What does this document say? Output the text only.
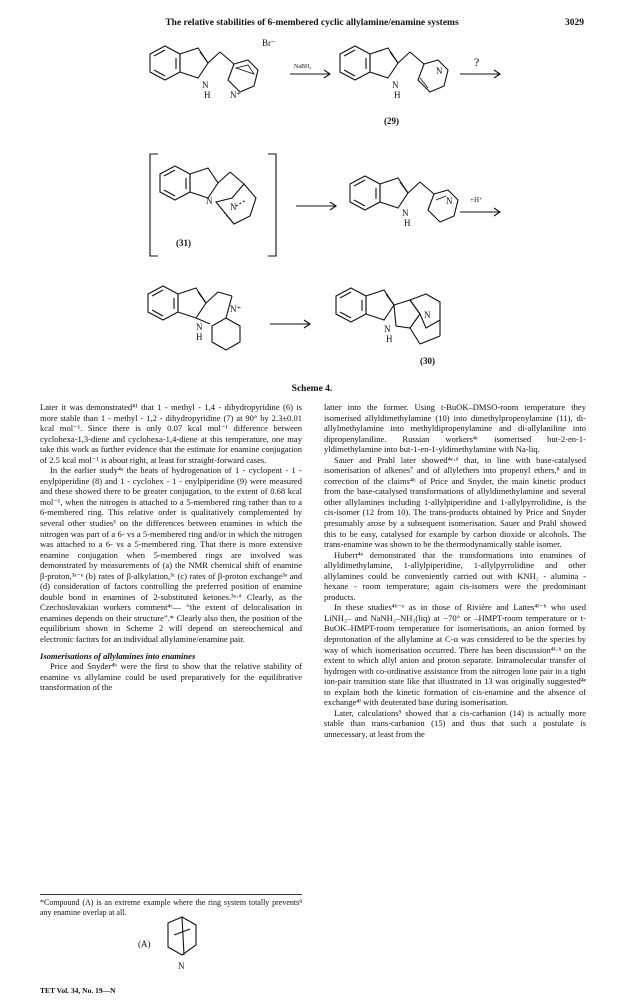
The relative stabilities of 6-membered cyclic allylamine/enamine systems	3029
Br⁻
NaBH₄	?
N
H N⁺
N
H
N
(29)
N
N
(31)
N
H
N	+H⁺
N
H
N⁺
N
H
N
(30)
Scheme 4.

Later it was demonstrated⁴¹ that 1 - methyl - 1,4 - dihydropyridine (6) is more stable than 1 - methyl - 1,2 - dihydropyridine (7) at 90° by 2.3±0.01 kcal mol⁻¹. Since there is only 0.07 kcal mol⁻¹ difference between cyclohexa-1,3-diene and cyclohexa-1,4-diene at this temperature, one may take this work as further evidence that the estimate for enamine conjugation of 2.5 kcal mol⁻¹ is about right, at least for straight-forward cases.

In the earlier study⁴ᵃ the heats of hydrogenation of 1 - cyclopent - 1 - enylpiperidine (8) and 1 - cyclohex - 1 - enylpiperidine (9) were measured and these showed there to be greater conjugation, to the extent of 0.68 kcal mol⁻¹, when the nitrogen is attached to a 5-membered ring rather than to a 6-membered ring. This relative order is qualitatively complemented by several other studies³ on the differences between enamines in which the nitrogen was part of a 6- vs a 5-membered ring and/or in which the nitrogen was attached to a 6- vs a 5-membered ring. That there is more extensive enamine conjugation when 5-membered rings are involved was demonstrated by measurements of (a) the NMR chemical shift of enamine β-proton,³ᵃ⁻ᵉ (b) rates of β-alkylation,³ᶜ (c) rates of β-proton exchange³ᵃ and (d) consideration of factors controlling the preferred position of enamine double bond in enamines of 2-substituted ketones.³ᵃ·ᵈ Clearly, as the Czechoslovakian workers comment⁴ᶜ— “the extent of delocalisation in enamines depends on their structure”.* Clearly also then, the position of the equilibrium shown in Scheme 2 will depend on stereochemical and electronic factors for an individual allylamine/enamine pair.

Isomerisations of allylamines into enamines

Price and Snyder⁴ᵇ were the first to show that the relative stability of enamine vs allylamine could be used preparatively for the equilibrative transformation of the

*Compound (A) is an extreme example where the ring system totally prevents⁸ any enamine overlap at all.
(A)
N
TET Vol. 34, No. 19—N

latter into the former. Using t-BuOK–DMSO-room temperature they isomerised allyldimethylamine (10) into dimethylpropenylamine (11), di-allylmethylamine into methyldipropenylamine and di-allylaniline into dipropenylaniline. Russian workers⁴ᶜ isomerised but-2-en-1-yldimethylamine into but-1-en-1-yldimethylamine with Na-liq.

Sauer and Prahl later showed⁴ᵉ·ᵈ that, in line with base-catalysed isomerisation of alkenes⁷ and of allylethers into propenyl ethers,⁸ and in correction of the claims⁴ᵇ of Price and Snyder, the main kinetic product from the base-catalysed transformations of allyldimethylamine and several other allylamines including 1-allylpiperidine and 1-allylpyrrolidine, is the cis-isomer (12 from 10). The trans-products obtained by Price and Snyder presumably arose by a subsequent isomerisation. Sauer and Prahl showed this to be easy, catalysed for example by carbon dioxide or alcohols. The trans-enamine was shown to be the thermodynamically stable isomer.

Hubert⁴ᵉ demonstrated that the transformations into enamines of allyldimethylamine, 1-allylpiperidine, 1-allylpyrrolidine and other allylamines could be conveniently carried out with KNH₂ - alumina - hexane - room temperature; again cis-isomers were the predominant products.

In these studies⁴ᵇ⁻ᵉ as in those of Rivière and Lattes⁴ᶠ⁻ʰ who used LiNH₂– and NaNH₂–NH₃(liq) at −70° or –HMPT-room temperature or t-BuOK–HMPT-room temperature for isomerisations, an anion formed by deprotonation of the allylamine at C-α was considered to be the species by way of which isomerisation occurred. There has been discussion⁴ᶠ·ʰ on the extent to which allyl anion and proton separate. Intramolecular transfer of hydrogen with co-ordinative assistance from the nitrogen lone pair in a tight ion-pair transition state like that illustrated in 13 was originally suggested⁴ᵉ to explain both the kinetic formation of cis-enamine and the absence of exchange⁴ᶠ with deuterated base during isomerisation.

Later, calculations⁹ showed that a cis-carbanion (14) is actually more stable than trans-carbanion (15) and thus that such a postulate is unnecessary, at least from the
